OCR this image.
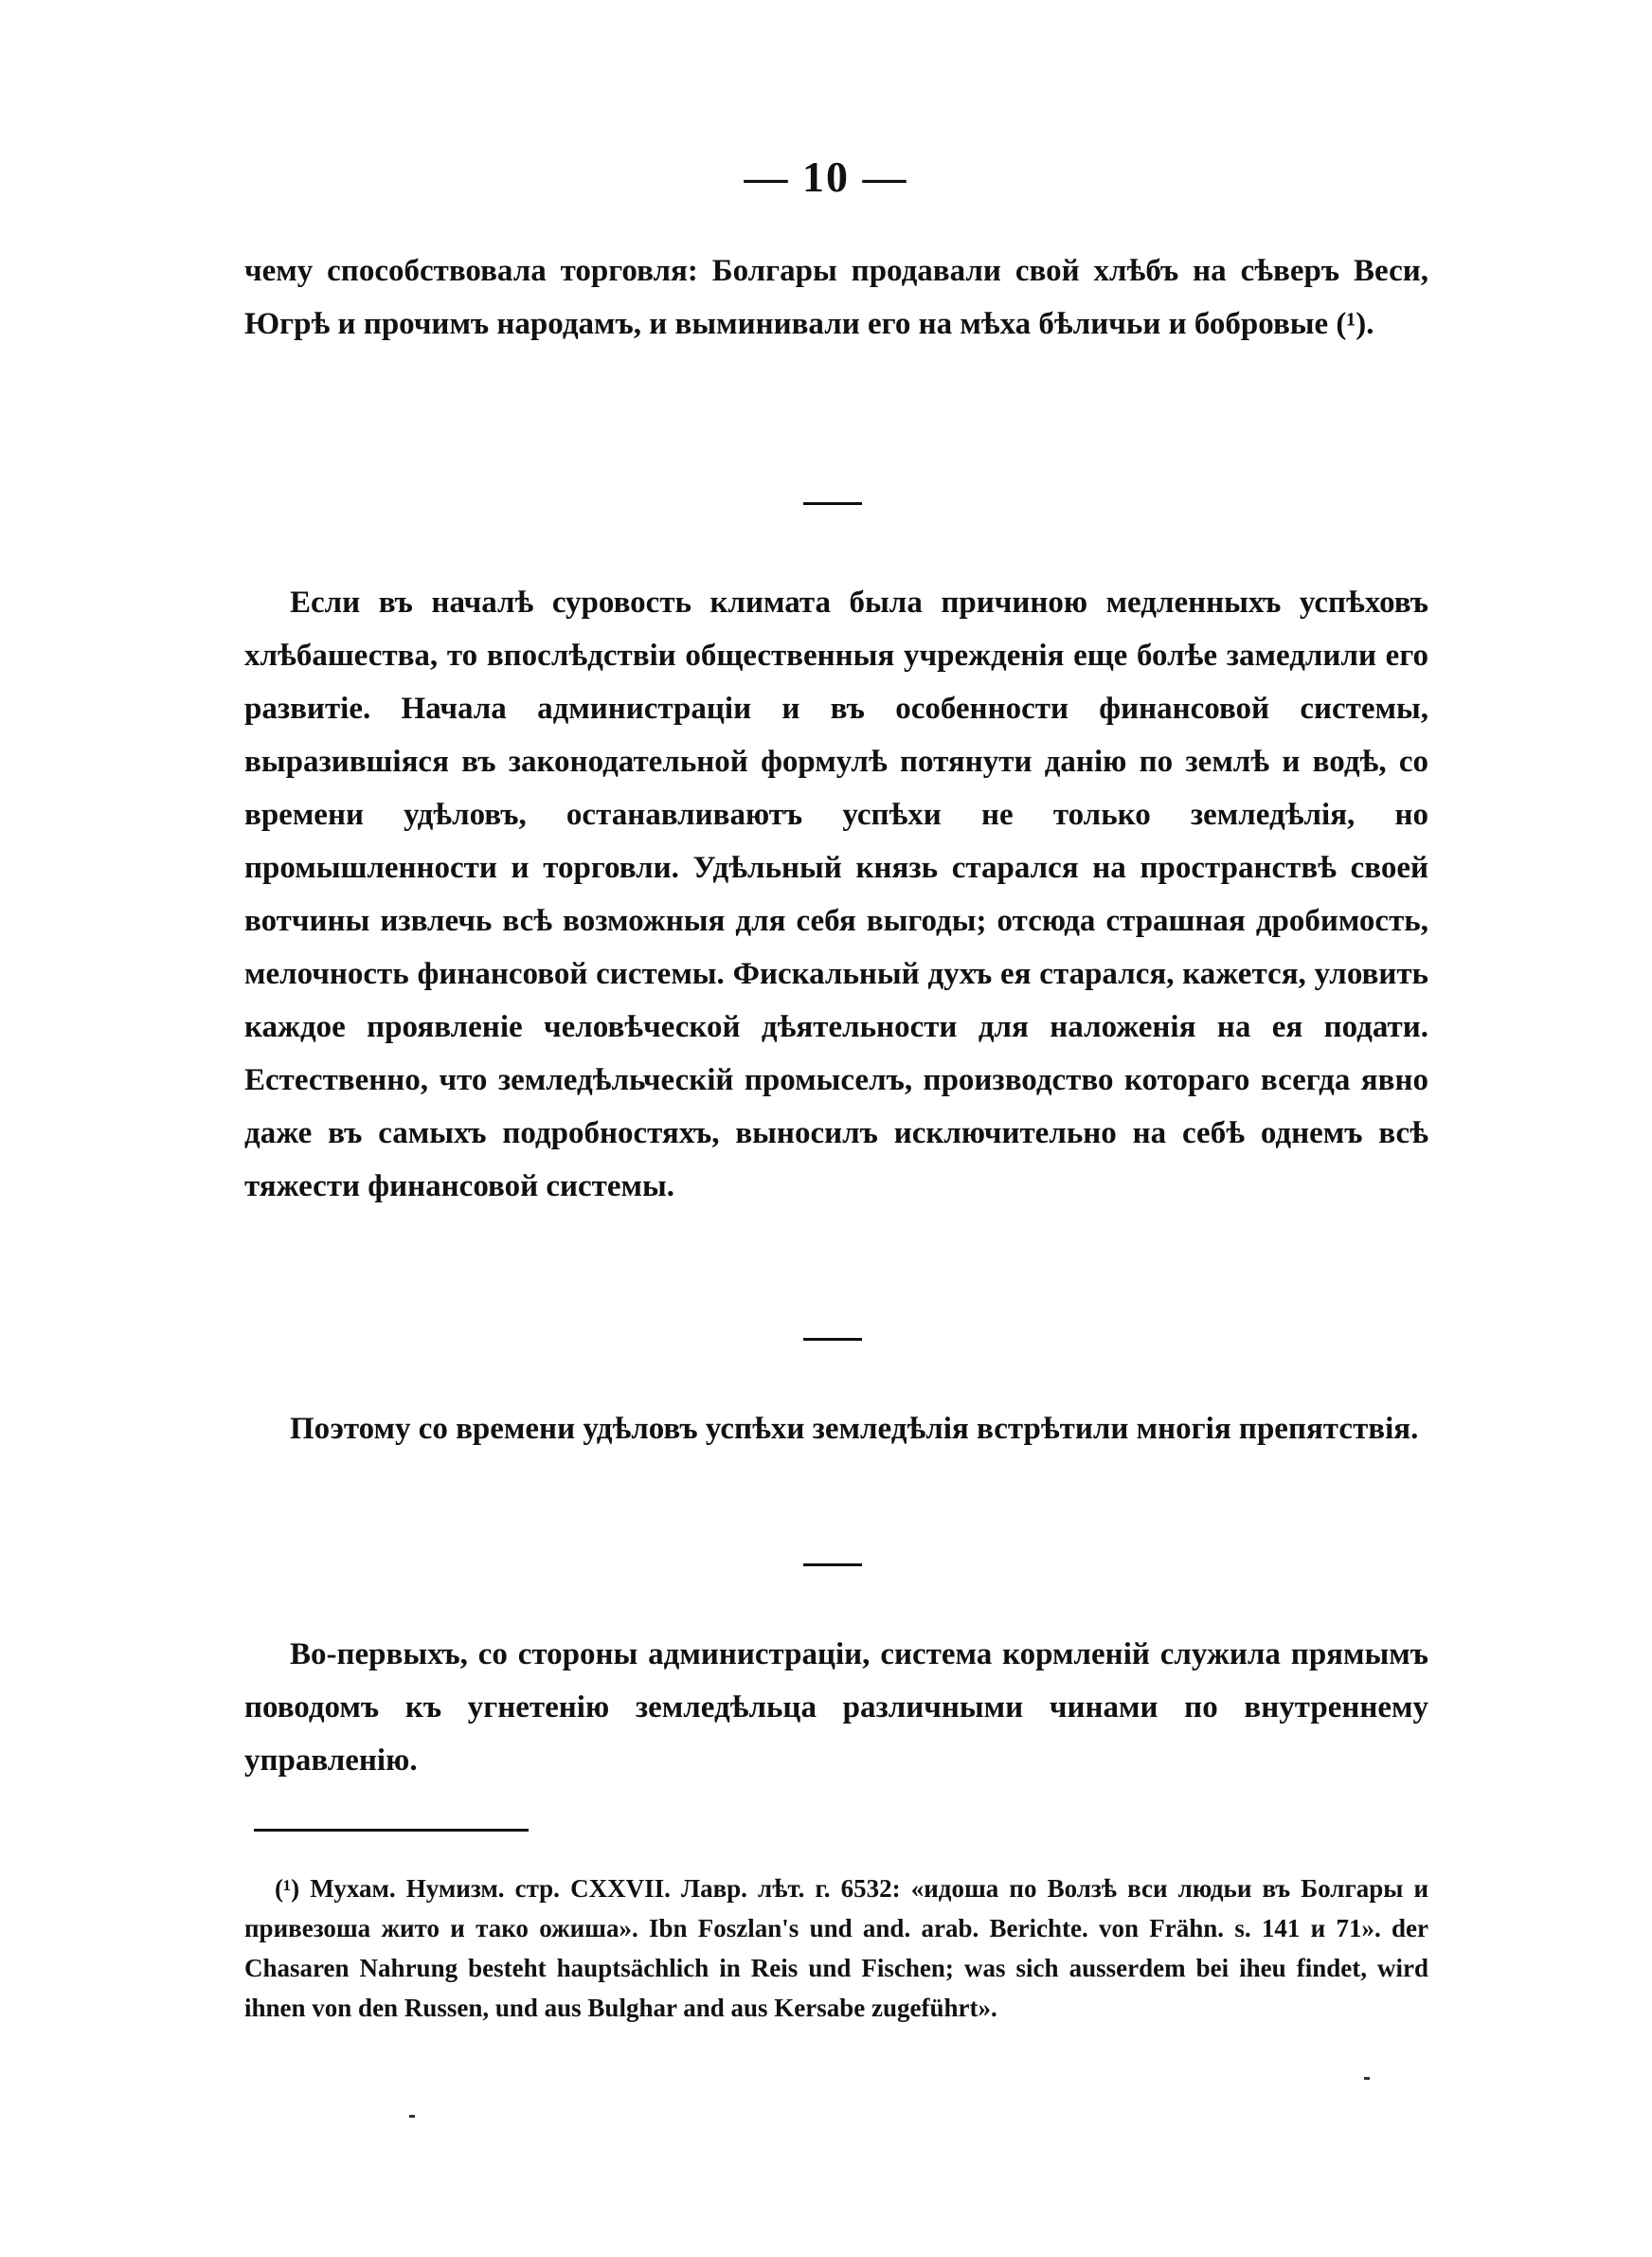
— 10 —

чему способствовала торговля: Болгары продавали свой хлѣбъ на сѣверъ Веси, Югрѣ и прочимъ народамъ, и выминивали его на мѣха бѣличьи и бобровые (¹).

Если въ началѣ суровость климата была причиною медленныхъ успѣховъ хлѣбашества, то впослѣдствіи общественныя учрежденія еще болѣе замедлили его развитіе. Начала администраціи и въ особенности финансовой системы, выразившіяся въ законодательной формулѣ потянути данію по землѣ и водѣ, со времени удѣловъ, останавливаютъ успѣхи не только земледѣлія, но промышленности и торговли. Удѣльный князь старался на пространствѣ своей вотчины извлечь всѣ возможныя для себя выгоды; отсюда страшная дробимость, мелочность финансовой системы. Фискальный духъ ея старался, кажется, уловить каждое проявленіе человѣческой дѣятельности для наложенія на ея подати. Естественно, что земледѣльческій промыселъ, производство котораго всегда явно даже въ самыхъ подробностяхъ, выносилъ исключительно на себѣ однемъ всѣ тяжести финансовой системы.

Поэтому со времени удѣловъ успѣхи земледѣлія встрѣтили многія препятствія.

Во-первыхъ, со стороны администраціи, система кормленій служила прямымъ поводомъ къ угнетенію земледѣльца различными чинами по внутреннему управленію.

(¹) Мухам. Нумизм. стр. CXXVII. Лавр. лѣт. г. 6532: «идоша по Волзѣ вси людьи въ Болгары и привезоша жито и тако ожиша». Ibn Foszlan's und and. arab. Berichte. von Frähn. s. 141 и 71». der Chasaren Nahrung besteht hauptsächlich in Reis und Fischen; was sich ausserdem bei iheu findet, wird ihnen von den Russen, und aus Bulghar and aus Kersabe zugeführt».
